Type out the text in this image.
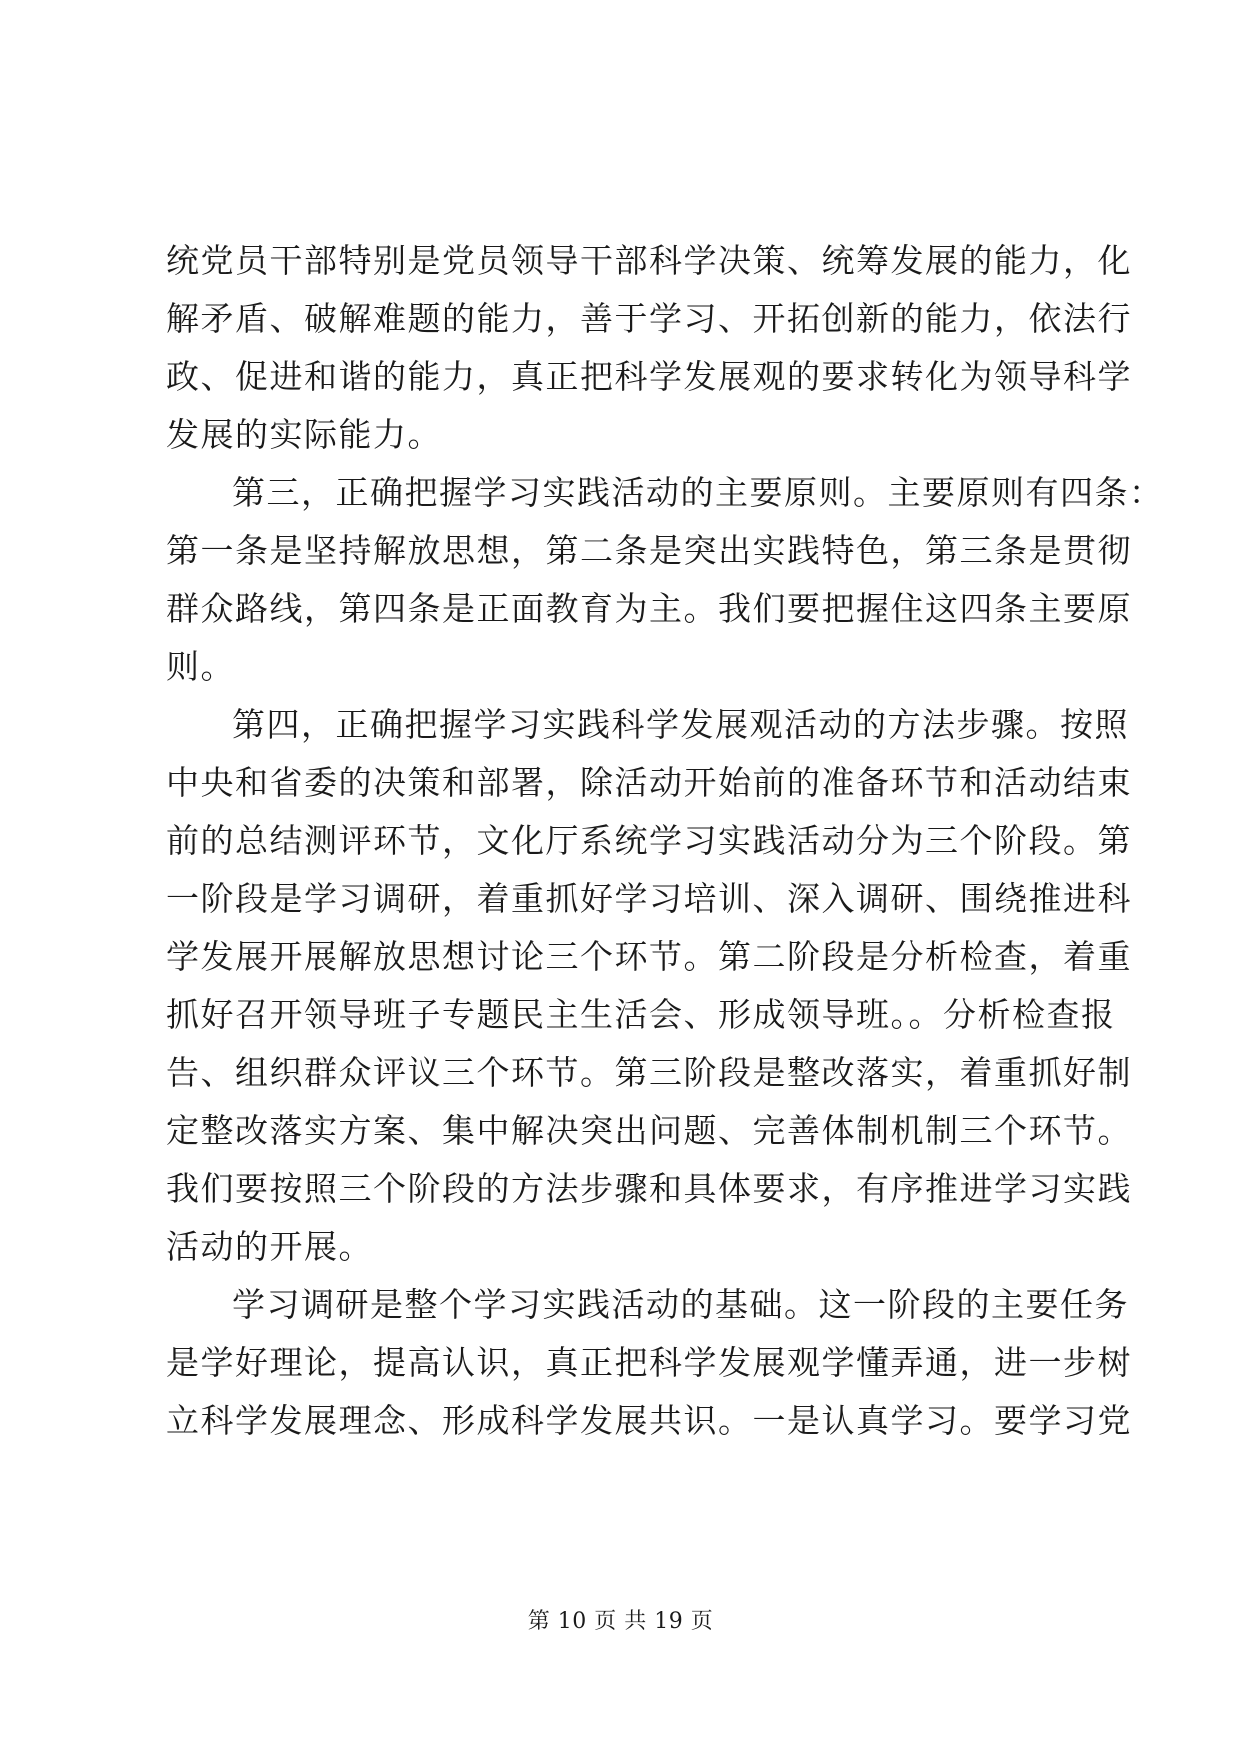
统党员干部特别是党员领导干部科学决策、统筹发展的能力，化
解矛盾、破解难题的能力，善于学习、开拓创新的能力，依法行
政、促进和谐的能力，真正把科学发展观的要求转化为领导科学
发展的实际能力。
第三，正确把握学习实践活动的主要原则。主要原则有四条：
第一条是坚持解放思想，第二条是突出实践特色，第三条是贯彻
群众路线，第四条是正面教育为主。我们要把握住这四条主要原
则。
第四，正确把握学习实践科学发展观活动的方法步骤。按照
中央和省委的决策和部署，除活动开始前的准备环节和活动结束
前的总结测评环节，文化厅系统学习实践活动分为三个阶段。第
一阶段是学习调研，着重抓好学习培训、深入调研、围绕推进科
学发展开展解放思想讨论三个环节。第二阶段是分析检查，着重
抓好召开领导班子专题民主生活会、形成领导班。。分析检查报
告、组织群众评议三个环节。第三阶段是整改落实，着重抓好制
定整改落实方案、集中解决突出问题、完善体制机制三个环节。
我们要按照三个阶段的方法步骤和具体要求，有序推进学习实践
活动的开展。
学习调研是整个学习实践活动的基础。这一阶段的主要任务
是学好理论，提高认识，真正把科学发展观学懂弄通，进一步树
立科学发展理念、形成科学发展共识。一是认真学习。要学习党
第 10 页 共 19 页
